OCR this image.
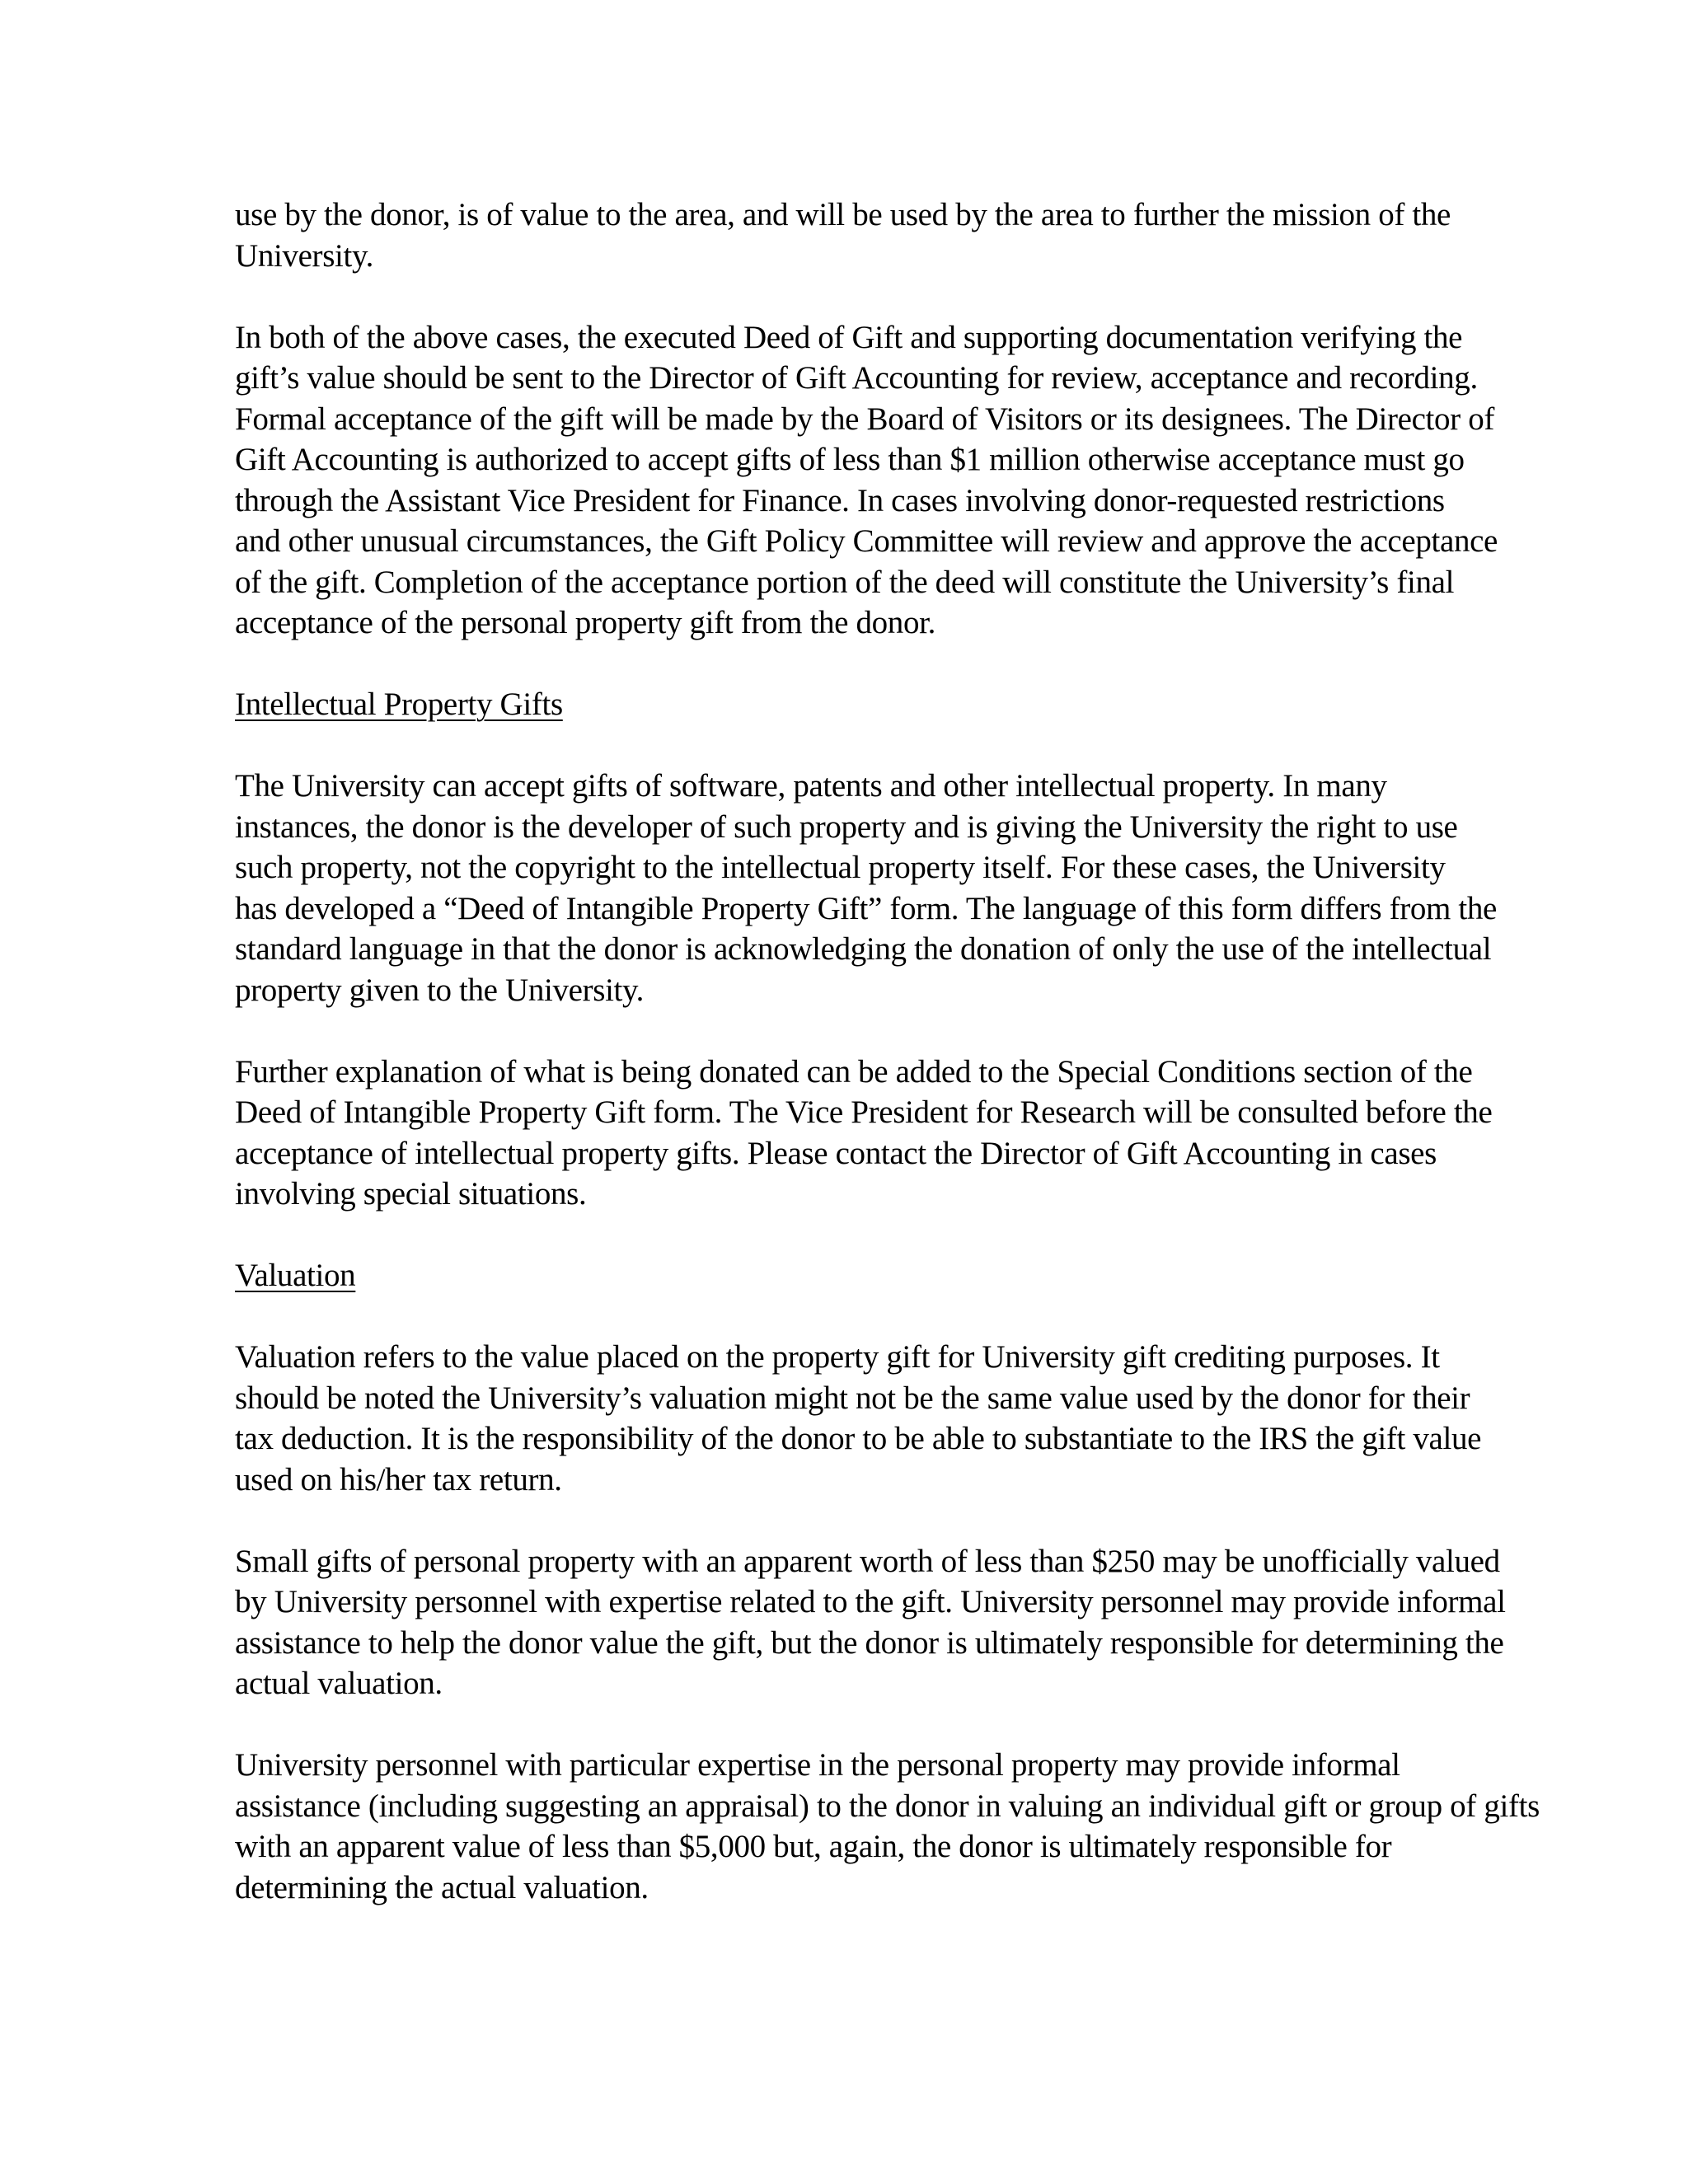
use by the donor, is of value to the area, and will be used by the area to further the mission of the
University.

In both of the above cases, the executed Deed of Gift and supporting documentation verifying the
gift’s value should be sent to the Director of Gift Accounting for review, acceptance and recording.
Formal acceptance of the gift will be made by the Board of Visitors or its designees. The Director of
Gift Accounting is authorized to accept gifts of less than $1 million otherwise acceptance must go
through the Assistant Vice President for Finance. In cases involving donor-requested restrictions
and other unusual circumstances, the Gift Policy Committee will review and approve the acceptance
of the gift. Completion of the acceptance portion of the deed will constitute the University’s final
acceptance of the personal property gift from the donor.

Intellectual Property Gifts

The University can accept gifts of software, patents and other intellectual property. In many
instances, the donor is the developer of such property and is giving the University the right to use
such property, not the copyright to the intellectual property itself. For these cases, the University
has developed a “Deed of Intangible Property Gift” form. The language of this form differs from the
standard language in that the donor is acknowledging the donation of only the use of the intellectual
property given to the University.

Further explanation of what is being donated can be added to the Special Conditions section of the
Deed of Intangible Property Gift form. The Vice President for Research will be consulted before the
acceptance of intellectual property gifts. Please contact the Director of Gift Accounting in cases
involving special situations.

Valuation

Valuation refers to the value placed on the property gift for University gift crediting purposes. It
should be noted the University’s valuation might not be the same value used by the donor for their
tax deduction. It is the responsibility of the donor to be able to substantiate to the IRS the gift value
used on his/her tax return.

Small gifts of personal property with an apparent worth of less than $250 may be unofficially valued
by University personnel with expertise related to the gift. University personnel may provide informal
assistance to help the donor value the gift, but the donor is ultimately responsible for determining the
actual valuation.

University personnel with particular expertise in the personal property may provide informal
assistance (including suggesting an appraisal) to the donor in valuing an individual gift or group of gifts
with an apparent value of less than $5,000 but, again, the donor is ultimately responsible for
determining the actual valuation.
